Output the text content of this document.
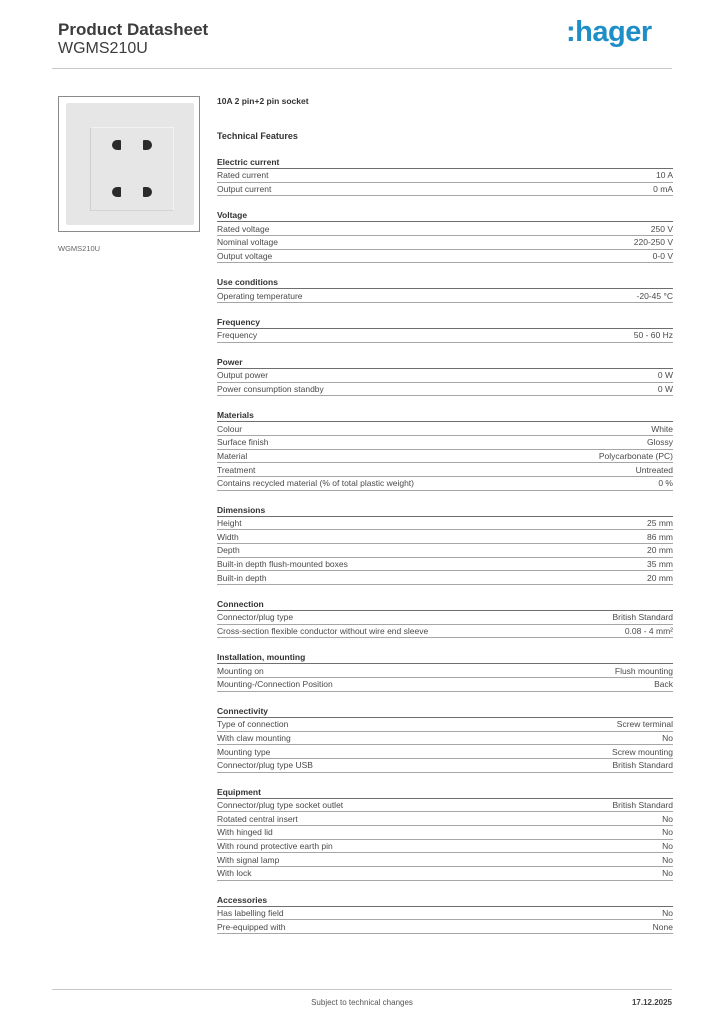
Product Datasheet
WGMS210U
:hager
WGMS210U
10A 2 pin+2 pin socket
Technical Features
Electric current
Rated current	10 A
Output current	0 mA
Voltage
Rated voltage	250 V
Nominal voltage	220-250 V
Output voltage	0-0 V
Use conditions
Operating temperature	-20-45 °C
Frequency
Frequency	50 - 60 Hz
Power
Output power	0 W
Power consumption standby	0 W
Materials
Colour	White
Surface finish	Glossy
Material	Polycarbonate (PC)
Treatment	Untreated
Contains recycled material (% of total plastic weight)	0 %
Dimensions
Height	25 mm
Width	86 mm
Depth	20 mm
Built-in depth flush-mounted boxes	35 mm
Built-in depth	20 mm
Connection
Connector/plug type	British Standard
Cross-section flexible conductor without wire end sleeve	0.08 - 4 mm²
Installation, mounting
Mounting on	Flush mounting
Mounting-/Connection Position	Back
Connectivity
Type of connection	Screw terminal
With claw mounting	No
Mounting type	Screw mounting
Connector/plug type USB	British Standard
Equipment
Connector/plug type socket outlet	British Standard
Rotated central insert	No
With hinged lid	No
With round protective earth pin	No
With signal lamp	No
With lock	No
Accessories
Has labelling field	No
Pre-equipped with	None
Subject to technical changes	17.12.2025
